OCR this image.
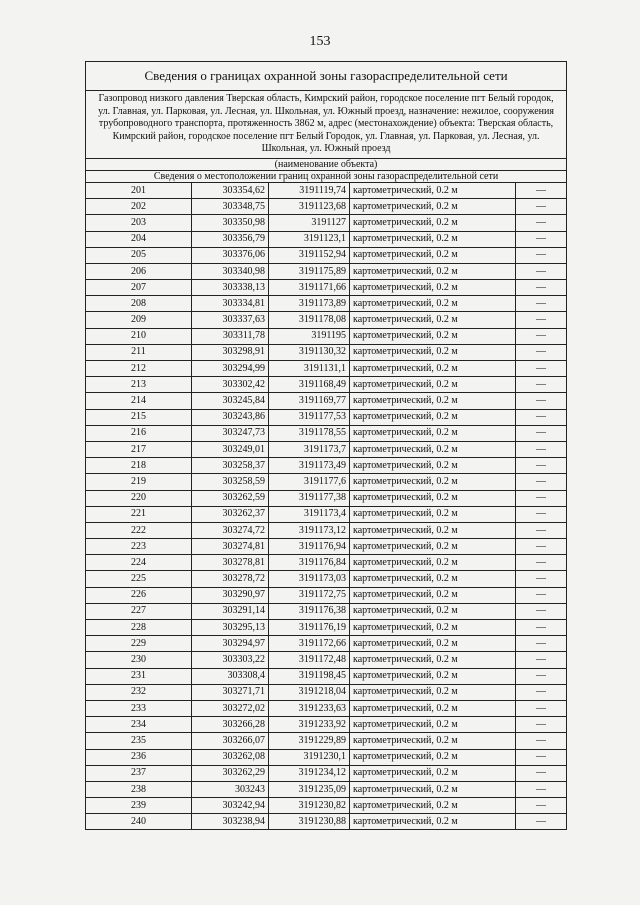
153
Сведения о границах охранной зоны газораспределительной сети				
Газопровод низкого давления Тверская область, Кимрский район, городское поселение пгт Белый городок, ул. Главная, ул. Парковая, ул. Лесная, ул. Школьная, ул. Южный проезд, назначение: нежилое, сооружения трубопроводного транспорта, протяженность 3862 м, адрес (местонахождение) объекта: Тверская область, Кимрский район, городское поселение пгт Белый Городок, ул. Главная, ул. Парковая, ул. Лесная, ул. Школьная, ул. Южный проезд				
(наименование объекта)				
Сведения о местоположении границ охранной зоны газораспределительной сети				
201	303354,62	3191119,74	картометрический, 0.2 м	—
202	303348,75	3191123,68	картометрический, 0.2 м	—
203	303350,98	3191127	картометрический, 0.2 м	—
204	303356,79	3191123,1	картометрический, 0.2 м	—
205	303376,06	3191152,94	картометрический, 0.2 м	—
206	303340,98	3191175,89	картометрический, 0.2 м	—
207	303338,13	3191171,66	картометрический, 0.2 м	—
208	303334,81	3191173,89	картометрический, 0.2 м	—
209	303337,63	3191178,08	картометрический, 0.2 м	—
210	303311,78	3191195	картометрический, 0.2 м	—
211	303298,91	3191130,32	картометрический, 0.2 м	—
212	303294,99	3191131,1	картометрический, 0.2 м	—
213	303302,42	3191168,49	картометрический, 0.2 м	—
214	303245,84	3191169,77	картометрический, 0.2 м	—
215	303243,86	3191177,53	картометрический, 0.2 м	—
216	303247,73	3191178,55	картометрический, 0.2 м	—
217	303249,01	3191173,7	картометрический, 0.2 м	—
218	303258,37	3191173,49	картометрический, 0.2 м	—
219	303258,59	3191177,6	картометрический, 0.2 м	—
220	303262,59	3191177,38	картометрический, 0.2 м	—
221	303262,37	3191173,4	картометрический, 0.2 м	—
222	303274,72	3191173,12	картометрический, 0.2 м	—
223	303274,81	3191176,94	картометрический, 0.2 м	—
224	303278,81	3191176,84	картометрический, 0.2 м	—
225	303278,72	3191173,03	картометрический, 0.2 м	—
226	303290,97	3191172,75	картометрический, 0.2 м	—
227	303291,14	3191176,38	картометрический, 0.2 м	—
228	303295,13	3191176,19	картометрический, 0.2 м	—
229	303294,97	3191172,66	картометрический, 0.2 м	—
230	303303,22	3191172,48	картометрический, 0.2 м	—
231	303308,4	3191198,45	картометрический, 0.2 м	—
232	303271,71	3191218,04	картометрический, 0.2 м	—
233	303272,02	3191233,63	картометрический, 0.2 м	—
234	303266,28	3191233,92	картометрический, 0.2 м	—
235	303266,07	3191229,89	картометрический, 0.2 м	—
236	303262,08	3191230,1	картометрический, 0.2 м	—
237	303262,29	3191234,12	картометрический, 0.2 м	—
238	303243	3191235,09	картометрический, 0.2 м	—
239	303242,94	3191230,82	картометрический, 0.2 м	—
240	303238,94	3191230,88	картометрический, 0.2 м	—
